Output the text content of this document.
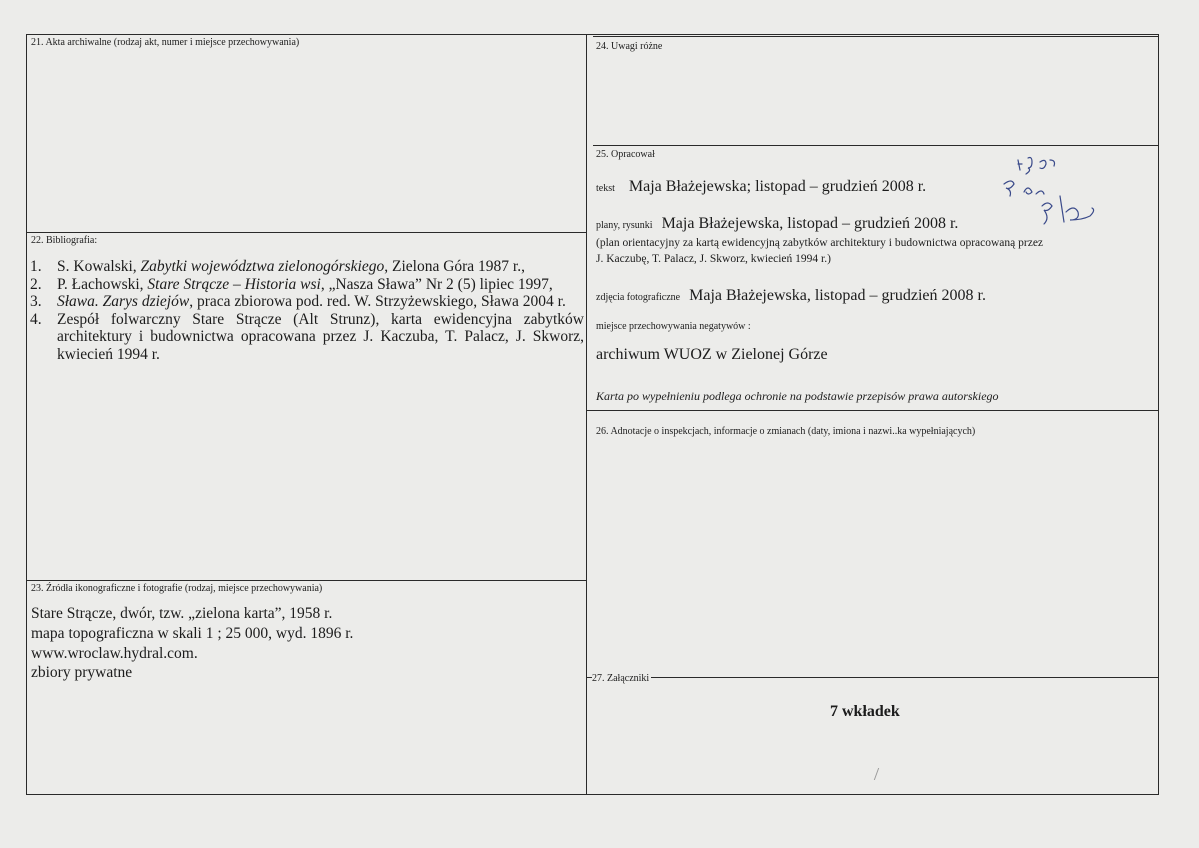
21. Akta archiwalne (rodzaj akt, numer i miejsce przechowywania)
22. Bibliografia:
1. S. Kowalski, Zabytki województwa zielonogórskiego, Zielona Góra 1987 r.,
2. P. Łachowski, Stare Strącze – Historia wsi, „Nasza Sława” Nr 2 (5) lipiec 1997,
3. Sława. Zarys dziejów, praca zbiorowa pod. red. W. Strzyżewskiego, Sława 2004 r.
4. Zespół folwarczny Stare Strącze (Alt Strunz), karta ewidencyjna zabytków architektury i budownictwa opracowana przez J. Kaczuba, T. Palacz, J. Skworz, kwiecień 1994 r.
23. Źródła ikonograficzne i fotografie (rodzaj, miejsce przechowywania)
Stare Strącze, dwór, tzw. „zielona karta”, 1958 r.
mapa topograficzna w skali 1 ; 25 000, wyd. 1896 r.
www.wroclaw.hydral.com.
zbiory prywatne
24. Uwagi różne
25. Opracował
tekst Maja Błażejewska; listopad – grudzień 2008 r.
plany, rysunki Maja Błażejewska, listopad – grudzień 2008 r.
(plan orientacyjny za kartą ewidencyjną zabytków architektury i budownictwa opracowaną przez
J. Kaczubę, T. Palacz, J. Skworz, kwiecień 1994 r.)
zdjęcia fotograficzne Maja Błażejewska, listopad – grudzień 2008 r.
miejsce przechowywania negatywów :
archiwum WUOZ w Zielonej Górze
Karta po wypełnieniu podlega ochronie na podstawie przepisów prawa autorskiego
26. Adnotacje o inspekcjach, informacje o zmianach (daty, imiona i nazwi..ka wypełniających)
27. Załączniki
7 wkładek
